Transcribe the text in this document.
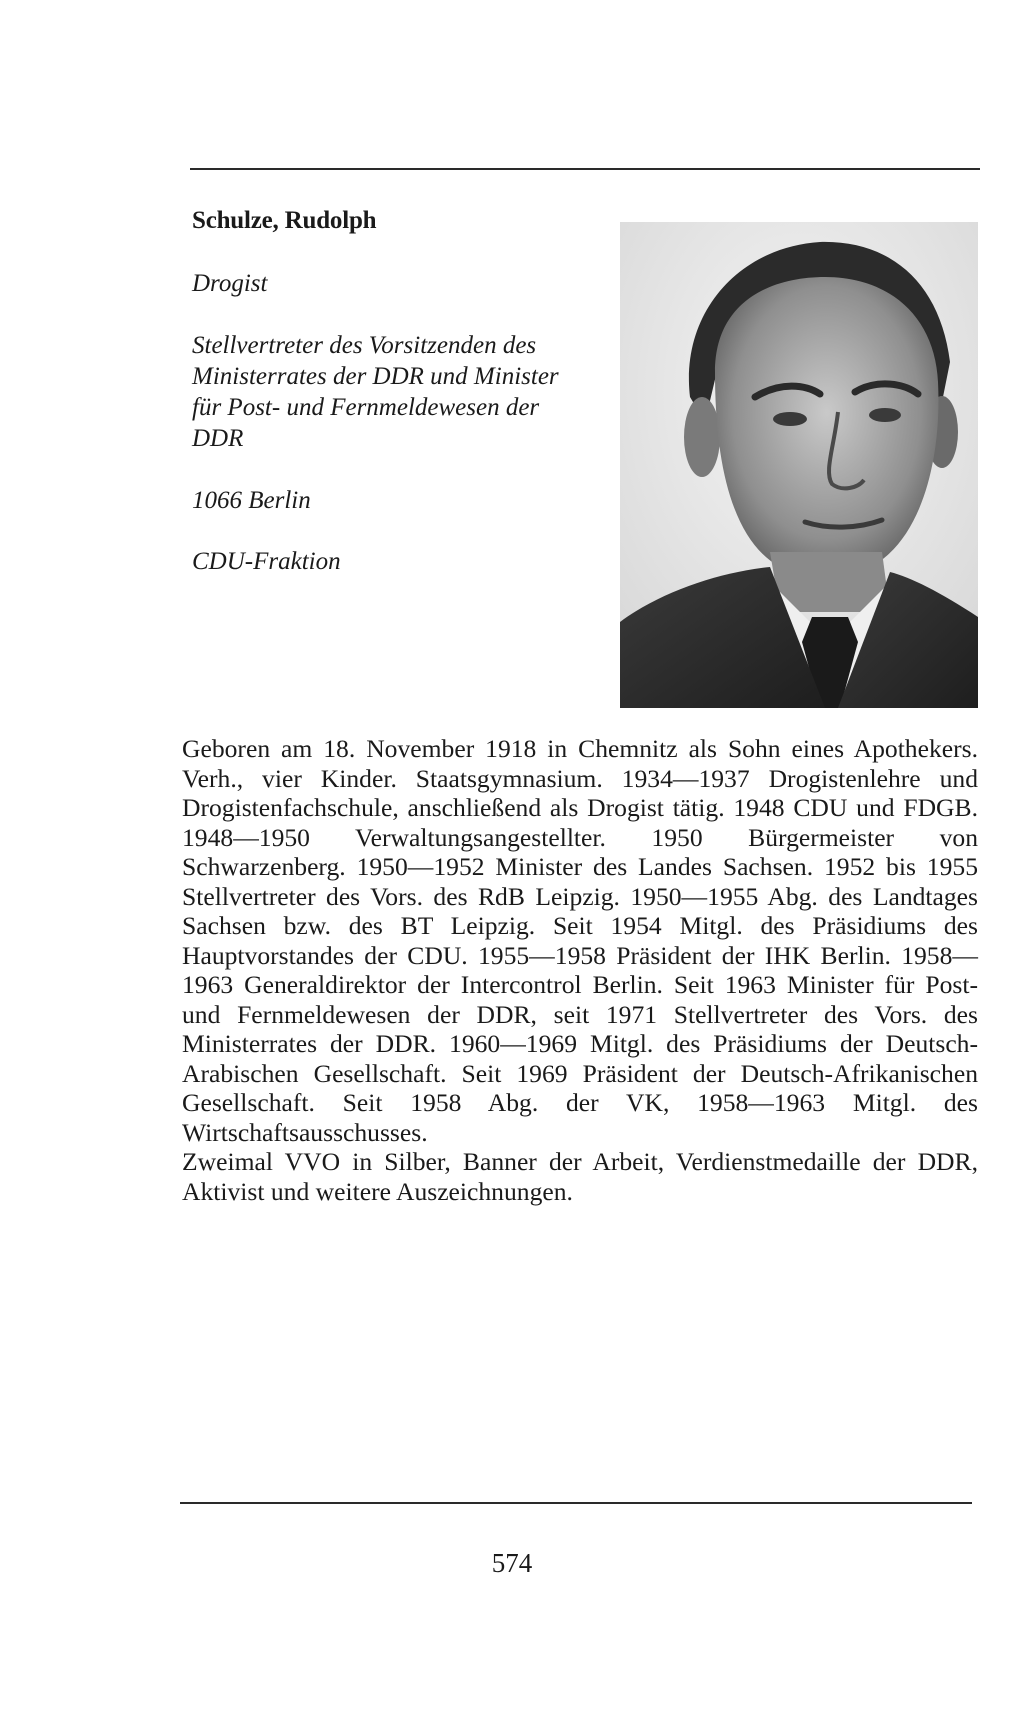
Schulze, Rudolph
Drogist
Stellvertreter des Vorsitzenden des Ministerrates der DDR und Minister für Post- und Fernmeldewesen der DDR
1066 Berlin
CDU-Fraktion

Geboren am 18. November 1918 in Chemnitz als Sohn eines Apothekers. Verh., vier Kinder. Staatsgymnasium. 1934—1937 Drogistenlehre und Drogistenfachschule, anschließend als Drogist tätig. 1948 CDU und FDGB. 1948—1950 Verwaltungsangestellter. 1950 Bürgermeister von Schwarzenberg. 1950—1952 Minister des Landes Sachsen. 1952 bis 1955 Stellvertreter des Vors. des RdB Leipzig. 1950—1955 Abg. des Landtages Sachsen bzw. des BT Leipzig. Seit 1954 Mitgl. des Präsidiums des Hauptvorstandes der CDU. 1955—1958 Präsident der IHK Berlin. 1958—1963 Generaldirektor der Intercontrol Berlin. Seit 1963 Minister für Post- und Fernmeldewesen der DDR, seit 1971 Stellvertreter des Vors. des Ministerrates der DDR. 1960—1969 Mitgl. des Präsidiums der Deutsch-Arabischen Gesellschaft. Seit 1969 Präsident der Deutsch-Afrikanischen Gesellschaft. Seit 1958 Abg. der VK, 1958—1963 Mitgl. des Wirtschaftsausschusses.

Zweimal VVO in Silber, Banner der Arbeit, Verdienstmedaille der DDR, Aktivist und weitere Auszeichnungen.

574
